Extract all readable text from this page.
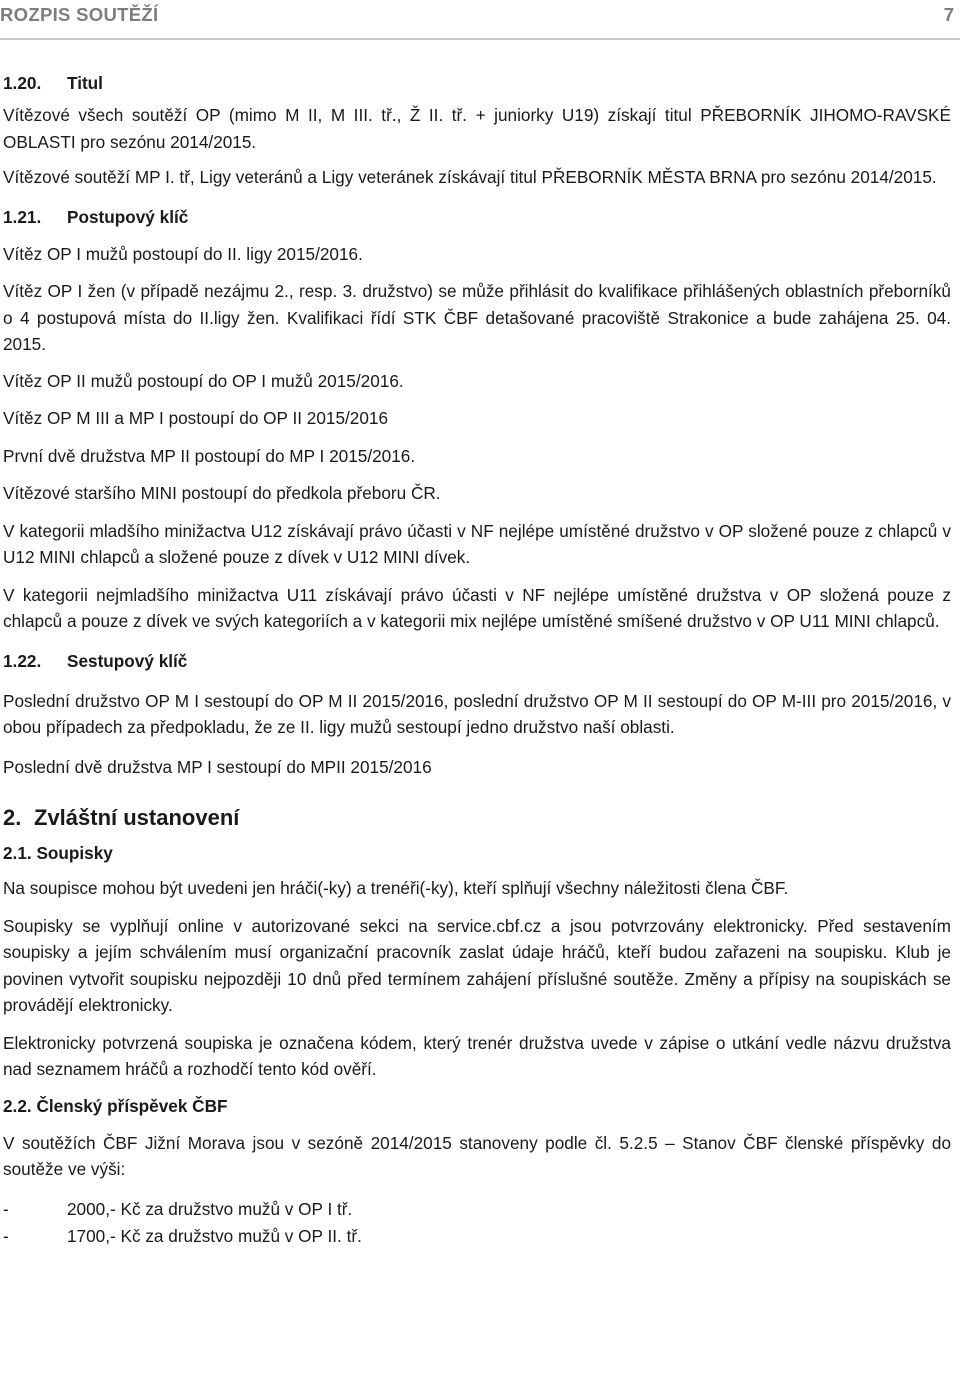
ROZPIS SOUTĚŽÍ	7

1.20. Titul

Vítězové všech soutěží OP (mimo M II, M III. tř., Ž II. tř. + juniorky U19) získají titul PŘEBORNÍK JIHOMO-RAVSKÉ OBLASTI pro sezónu 2014/2015.

Vítězové soutěží MP I. tř, Ligy veteránů a Ligy veteránek získávají titul PŘEBORNÍK MĚSTA BRNA pro sezónu 2014/2015.

1.21. Postupový klíč

Vítěz OP I mužů postoupí do II. ligy 2015/2016.

Vítěz OP I žen (v případě nezájmu 2., resp. 3. družstvo) se může přihlásit do kvalifikace přihlášených oblastních přeborníků o 4 postupová místa do II.ligy žen. Kvalifikaci řídí STK ČBF detašované pracoviště Strakonice a bude zahájena 25. 04. 2015.

Vítěz OP II mužů postoupí do OP I mužů 2015/2016.

Vítěz OP M III a MP I postoupí do OP II 2015/2016

První dvě družstva MP II postoupí do MP I 2015/2016.

Vítězové staršího MINI postoupí do předkola přeboru ČR.

V kategorii mladšího minižactva U12 získávají právo účasti v NF nejlépe umístěné družstvo v OP složené pouze z chlapců v U12 MINI chlapců a složené pouze z dívek v U12 MINI dívek.

V kategorii nejmladšího minižactva U11 získávají právo účasti v NF nejlépe umístěné družstva v OP složená pouze z chlapců a pouze z dívek ve svých kategoriích a v kategorii mix nejlépe umístěné smíšené družstvo v OP U11 MINI chlapců.

1.22. Sestupový klíč

Poslední družstvo OP M I sestoupí do OP M II 2015/2016, poslední družstvo OP M II sestoupí do OP M-III pro 2015/2016, v obou případech za předpokladu, že ze II. ligy mužů sestoupí jedno družstvo naší oblasti.

Poslední dvě družstva MP I sestoupí do MPII 2015/2016

2. Zvláštní ustanovení

2.1. Soupisky

Na soupisce mohou být uvedeni jen hráči(-ky) a trenéři(-ky), kteří splňují všechny náležitosti člena ČBF.

Soupisky se vyplňují online v autorizované sekci na service.cbf.cz a jsou potvrzovány elektronicky. Před sestavením soupisky a jejím schválením musí organizační pracovník zaslat údaje hráčů, kteří budou zařazeni na soupisku. Klub je povinen vytvořit soupisku nejpozději 10 dnů před termínem zahájení příslušné soutěže. Změny a přípisy na soupiskách se provádějí elektronicky.

Elektronicky potvrzená soupiska je označena kódem, který trenér družstva uvede v zápise o utkání vedle názvu družstva nad seznamem hráčů a rozhodčí tento kód ověří.

2.2. Členský příspěvek ČBF

V soutěžích ČBF Jižní Morava jsou v sezóně 2014/2015 stanoveny podle čl. 5.2.5 – Stanov ČBF členské příspěvky do soutěže ve výši:

-	2000,- Kč za družstvo mužů v OP I tř.
-	1700,- Kč za družstvo mužů v OP II. tř.
